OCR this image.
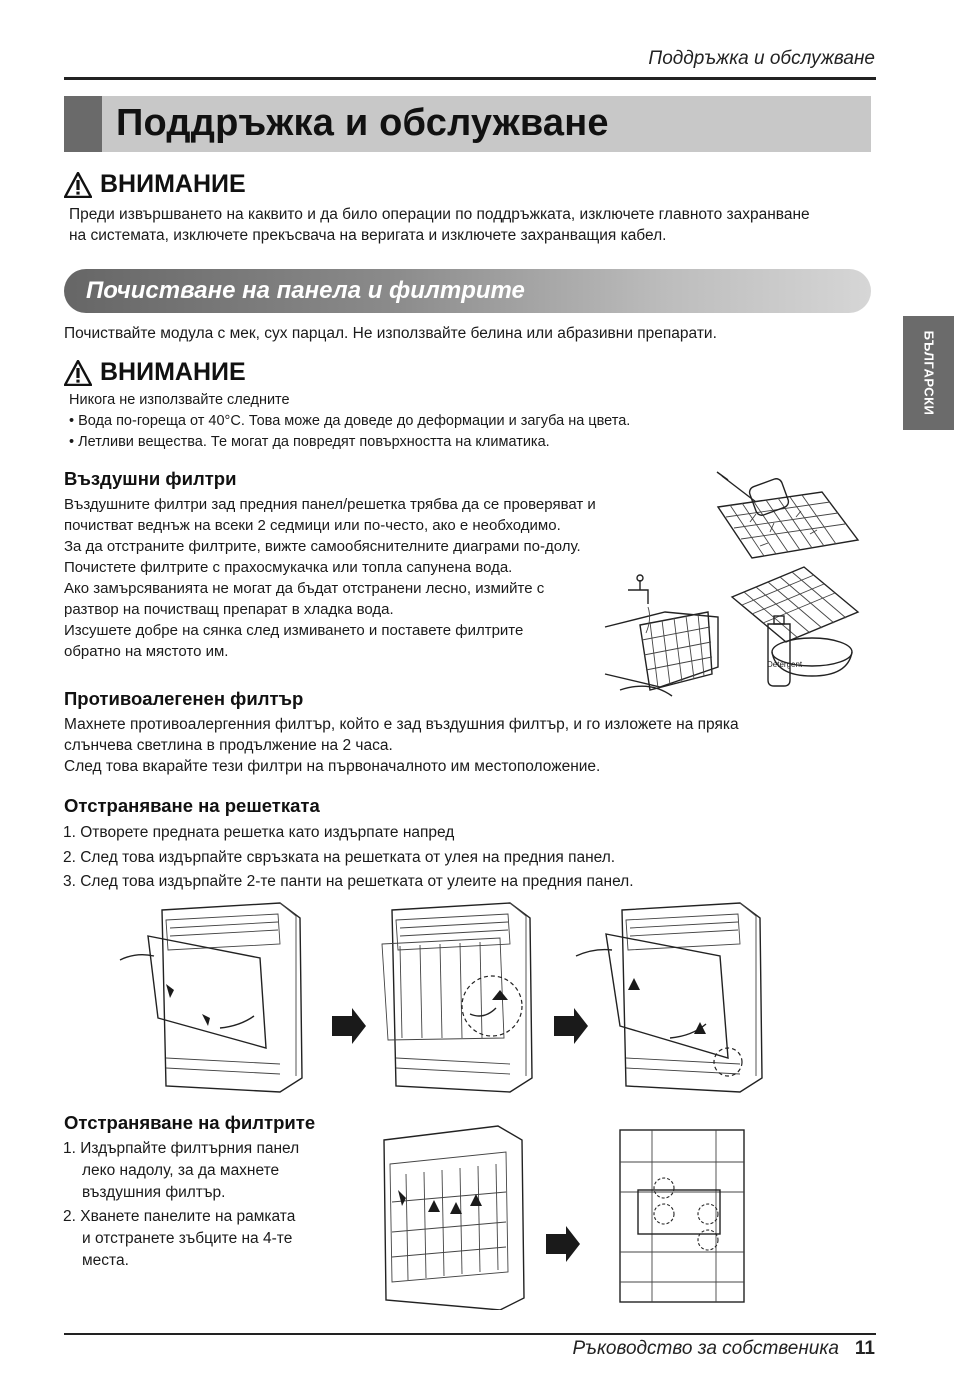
Поддръжка и обслужване
Поддръжка и обслужване
ВНИМАНИЕ
Преди извършването на каквито и да било операции по поддръжката, изключете главното захранване
на системата, изключете прекъсвача на веригата и изключете захранващия кабел.
Почистване на панела и филтрите
БЪЛГАРСКИ
Почиствайте модула с мек, сух парцал. Не използвайте белина или абразивни препарати.
ВНИМАНИЕ
Никога не използвайте следните
• Вода по-гореща от 40°C. Това може да доведе до деформации и загуба на цвета.
• Летливи вещества. Те могат да повредят повърхността на климатика.
Въздушни филтри
Въздушните филтри зад предния панел/решетка трябва да се проверяват и
почистват веднъж на всеки 2 седмици или по-често, ако е необходимо.
За да отстраните филтрите, вижте самообяснителните диаграми по-долу.
Почистете филтрите с прахосмукачка или топла сапунена вода.
Ако замърсяванията не могат да бъдат отстранени лесно, измийте с
разтвор на почистващ препарат в хладка вода.
Изсушете добре на сянка след измиването и поставете филтрите
обратно на мястото им.
Detergent
Противоалегенен филтър
Махнете противоалергенния филтър, който е зад въздушния филтър, и го изложете на пряка
слънчева светлина в продължение на 2 часа.
След това вкарайте тези филтри на първоначалното им местоположение.
Отстраняване на решетката
1. Отворете предната решетка като издърпате напред
2. След това издърпайте свръзката на решетката от улея на предния панел.
3. След това издърпайте 2-те панти на решетката от улеите на предния панел.
Отстраняване на филтрите
1. Издърпайте филтърния панел
леко надолу, за да махнете
въздушния филтър.
2. Хванете панелите на рамката
и отстранете зъбците на 4-те
места.
Ръководство за собственика 11
